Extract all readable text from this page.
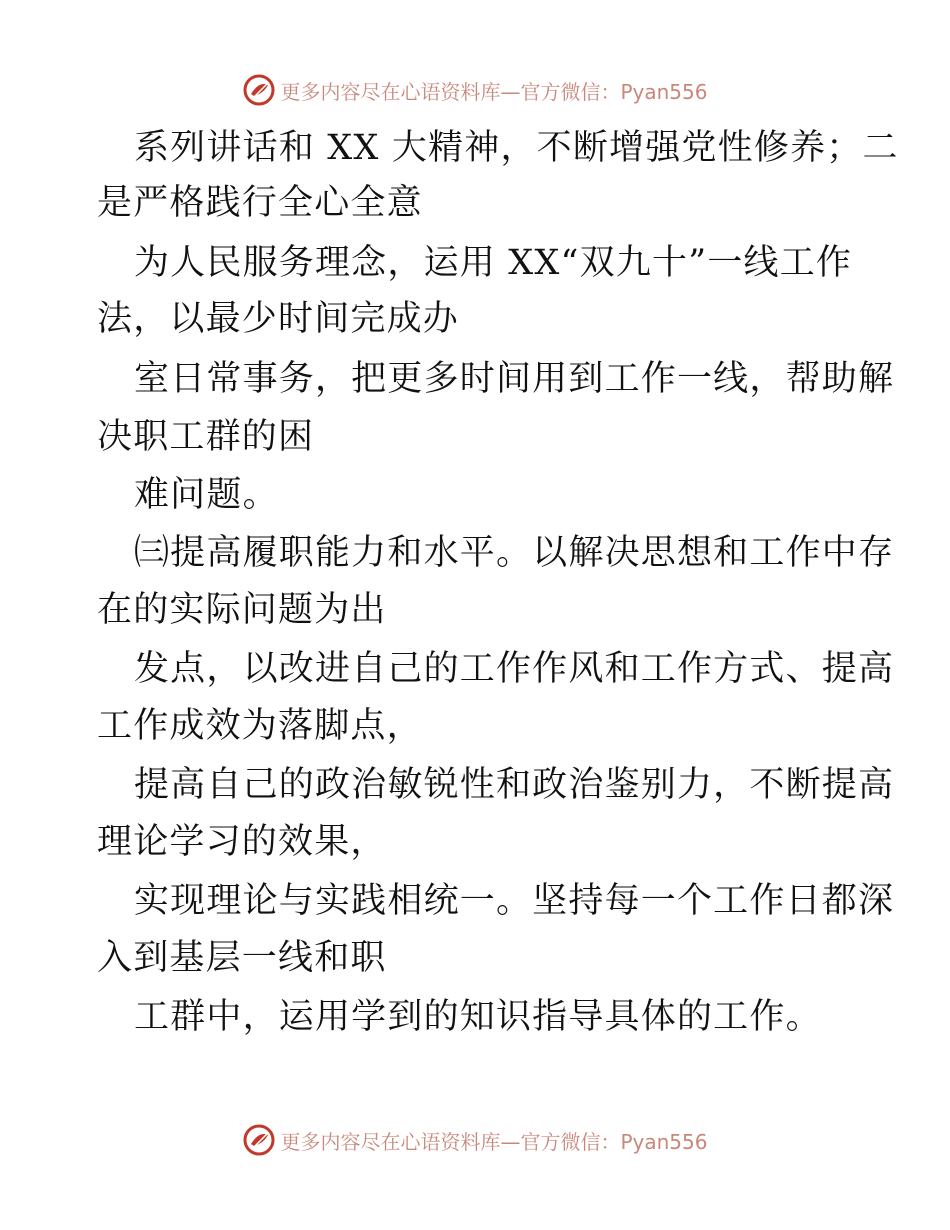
更多内容尽在心语资料库—官方微信：Pyan556
系列讲话和 XX 大精神，不断增强党性修养；二
是严格践行全心全意
为人民服务理念，运用 XX“双九十”一线工作
法，以最少时间完成办
室日常事务，把更多时间用到工作一线，帮助解
决职工群的困
难问题。
㈢提高履职能力和水平。以解决思想和工作中存
在的实际问题为出
发点，以改进自己的工作作风和工作方式、提高
工作成效为落脚点，
提高自己的政治敏锐性和政治鉴别力，不断提高
理论学习的效果，
实现理论与实践相统一。坚持每一个工作日都深
入到基层一线和职
工群中，运用学到的知识指导具体的工作。
更多内容尽在心语资料库—官方微信：Pyan556
